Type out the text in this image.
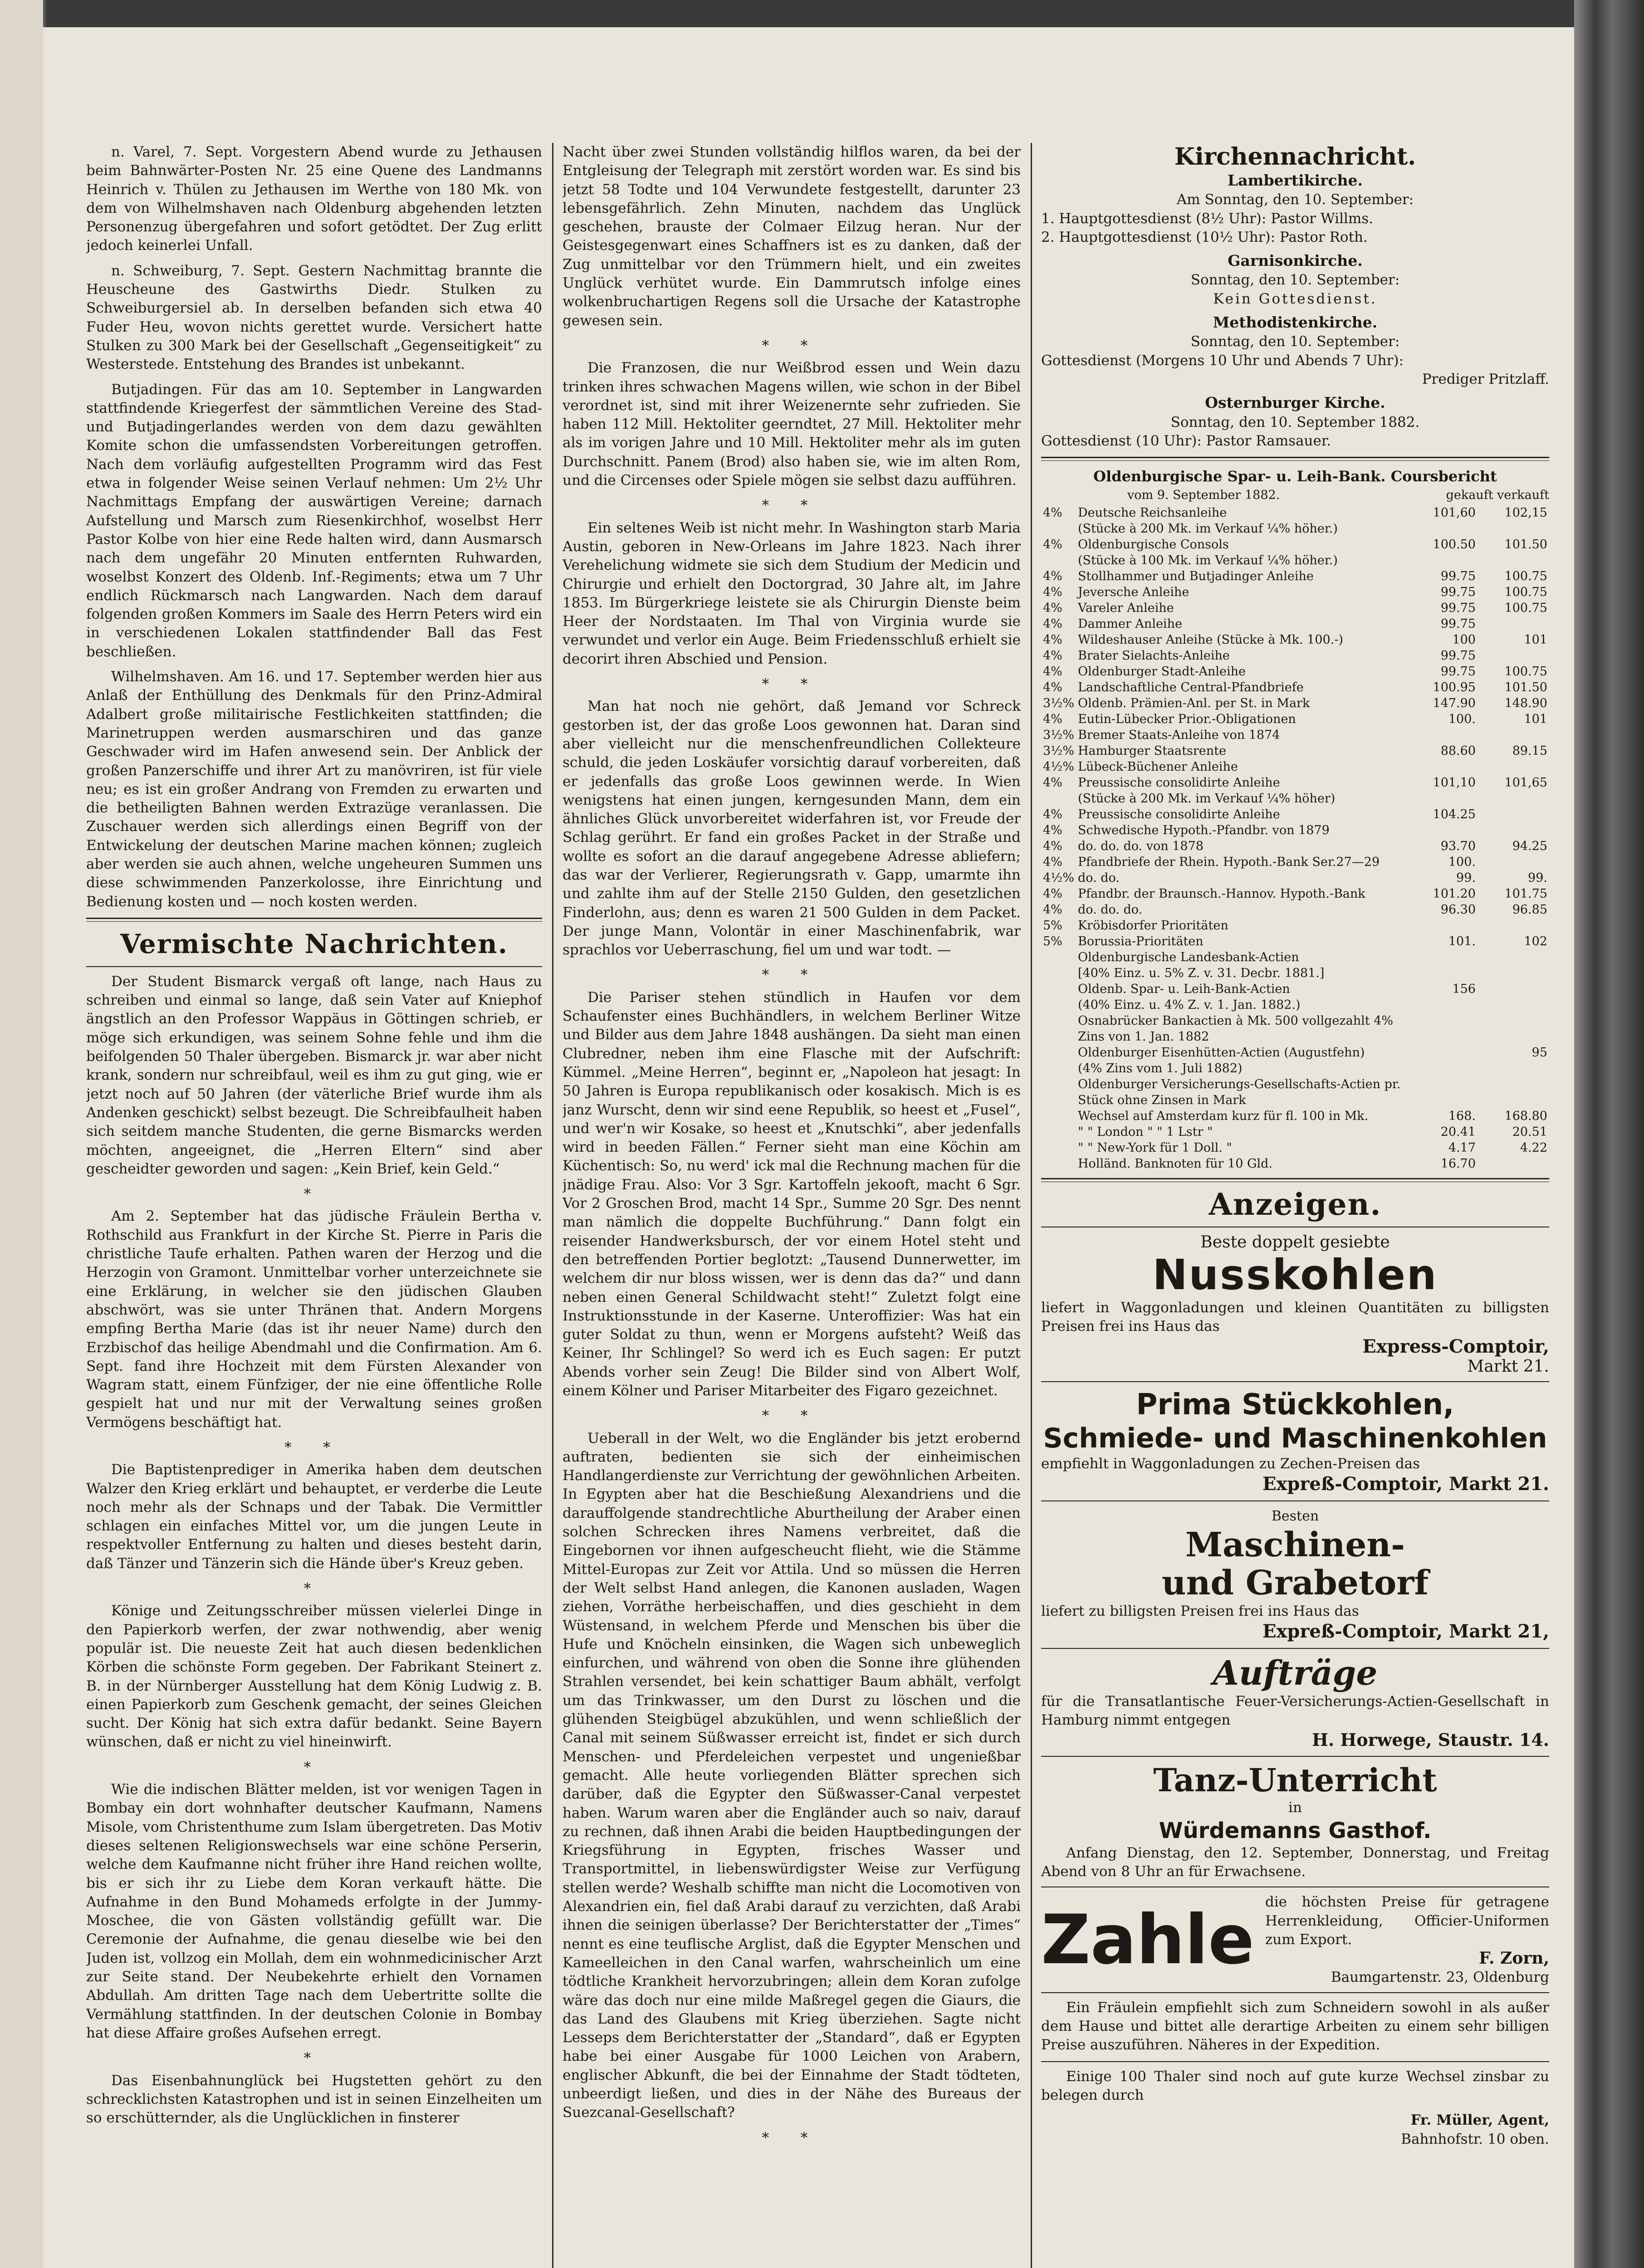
n. Varel, 7. Sept. Vorgestern Abend wurde zu Jethausen beim Bahnwärter-Posten Nr. 25 eine Quene des Landmanns Heinrich v. Thülen zu Jethausen im Werthe von 180 Mk. von dem von Wilhelmshaven nach Oldenburg abgehenden letzten Personenzug übergefahren und sofort getödtet. Der Zug erlitt jedoch keinerlei Unfall.

n. Schweiburg, 7. Sept. Gestern Nachmittag brannte die Heuscheune des Gastwirths Diedr. Stulken zu Schweiburgersiel ab. In derselben befanden sich etwa 40 Fuder Heu, wovon nichts gerettet wurde. Versichert hatte Stulken zu 300 Mark bei der Gesellschaft „Gegenseitigkeit“ zu Westerstede. Entstehung des Brandes ist unbekannt.

Butjadingen. Für das am 10. September in Langwarden stattfindende Kriegerfest der sämmtlichen Vereine des Stad- und Butjadingerlandes werden von dem dazu gewählten Komite schon die umfassendsten Vorbereitungen getroffen. Nach dem vorläufig aufgestellten Programm wird das Fest etwa in folgender Weise seinen Verlauf nehmen: Um 2½ Uhr Nachmittags Empfang der auswärtigen Vereine; darnach Aufstellung und Marsch zum Riesenkirchhof, woselbst Herr Pastor Kolbe von hier eine Rede halten wird, dann Ausmarsch nach dem ungefähr 20 Minuten entfernten Ruhwarden, woselbst Konzert des Oldenb. Inf.-Regiments; etwa um 7 Uhr endlich Rückmarsch nach Langwarden. Nach dem darauf folgenden großen Kommers im Saale des Herrn Peters wird ein in verschiedenen Lokalen stattfindender Ball das Fest beschließen.

Wilhelmshaven. Am 16. und 17. September werden hier aus Anlaß der Enthüllung des Denkmals für den Prinz-Admiral Adalbert große militairische Festlichkeiten stattfinden; die Marinetruppen werden ausmarschiren und das ganze Geschwader wird im Hafen anwesend sein. Der Anblick der großen Panzerschiffe und ihrer Art zu manövriren, ist für viele neu; es ist ein großer Andrang von Fremden zu erwarten und die betheiligten Bahnen werden Extrazüge veranlassen. Die Zuschauer werden sich allerdings einen Begriff von der Entwickelung der deutschen Marine machen können; zugleich aber werden sie auch ahnen, welche ungeheuren Summen uns diese schwimmenden Panzerkolosse, ihre Einrichtung und Bedienung kosten und — noch kosten werden.

Vermischte Nachrichten.

Der Student Bismarck vergaß oft lange, nach Haus zu schreiben und einmal so lange, daß sein Vater auf Kniephof ängstlich an den Professor Wappäus in Göttingen schrieb, er möge sich erkundigen, was seinem Sohne fehle und ihm die beifolgenden 50 Thaler übergeben. Bismarck jr. war aber nicht krank, sondern nur schreibfaul, weil es ihm zu gut ging, wie er jetzt noch auf 50 Jahren (der väterliche Brief wurde ihm als Andenken geschickt) selbst bezeugt. Die Schreibfaulheit haben sich seitdem manche Studenten, die gerne Bismarcks werden möchten, angeeignet, die „Herren Eltern“ sind aber gescheidter geworden und sagen: „Kein Brief, kein Geld.“

*

Am 2. September hat das jüdische Fräulein Bertha v. Rothschild aus Frankfurt in der Kirche St. Pierre in Paris die christliche Taufe erhalten. Pathen waren der Herzog und die Herzogin von Gramont. Unmittelbar vorher unterzeichnete sie eine Erklärung, in welcher sie den jüdischen Glauben abschwört, was sie unter Thränen that. Andern Morgens empfing Bertha Marie (das ist ihr neuer Name) durch den Erzbischof das heilige Abendmahl und die Confirmation. Am 6. Sept. fand ihre Hochzeit mit dem Fürsten Alexander von Wagram statt, einem Fünfziger, der nie eine öffentliche Rolle gespielt hat und nur mit der Verwaltung seines großen Vermögens beschäftigt hat.

* *

Die Baptistenprediger in Amerika haben dem deutschen Walzer den Krieg erklärt und behauptet, er verderbe die Leute noch mehr als der Schnaps und der Tabak. Die Vermittler schlagen ein einfaches Mittel vor, um die jungen Leute in respektvoller Entfernung zu halten und dieses besteht darin, daß Tänzer und Tänzerin sich die Hände über's Kreuz geben.

*

Könige und Zeitungsschreiber müssen vielerlei Dinge in den Papierkorb werfen, der zwar nothwendig, aber wenig populär ist. Die neueste Zeit hat auch diesen bedenklichen Körben die schönste Form gegeben. Der Fabrikant Steinert z. B. in der Nürnberger Ausstellung hat dem König Ludwig z. B. einen Papierkorb zum Geschenk gemacht, der seines Gleichen sucht. Der König hat sich extra dafür bedankt. Seine Bayern wünschen, daß er nicht zu viel hineinwirft.

*

Wie die indischen Blätter melden, ist vor wenigen Tagen in Bombay ein dort wohnhafter deutscher Kaufmann, Namens Misole, vom Christenthume zum Islam übergetreten. Das Motiv dieses seltenen Religionswechsels war eine schöne Perserin, welche dem Kaufmanne nicht früher ihre Hand reichen wollte, bis er sich ihr zu Liebe dem Koran verkauft hätte. Die Aufnahme in den Bund Mohameds erfolgte in der Jummy-Moschee, die von Gästen vollständig gefüllt war. Die Ceremonie der Aufnahme, die genau dieselbe wie bei den Juden ist, vollzog ein Mollah, dem ein wohnmedicinischer Arzt zur Seite stand. Der Neubekehrte erhielt den Vornamen Abdullah. Am dritten Tage nach dem Uebertritte sollte die Vermählung stattfinden. In der deutschen Colonie in Bombay hat diese Affaire großes Aufsehen erregt.

*

Das Eisenbahnunglück bei Hugstetten gehört zu den schrecklichsten Katastrophen und ist in seinen Einzelheiten um so erschütternder, als die Unglücklichen in finsterer

Nacht über zwei Stunden vollständig hilflos waren, da bei der Entgleisung der Telegraph mit zerstört worden war. Es sind bis jetzt 58 Todte und 104 Verwundete festgestellt, darunter 23 lebensgefährlich. Zehn Minuten, nachdem das Unglück geschehen, brauste der Colmaer Eilzug heran. Nur der Geistesgegenwart eines Schaffners ist es zu danken, daß der Zug unmittelbar vor den Trümmern hielt, und ein zweites Unglück verhütet wurde. Ein Dammrutsch infolge eines wolkenbruchartigen Regens soll die Ursache der Katastrophe gewesen sein.

* *

Die Franzosen, die nur Weißbrod essen und Wein dazu trinken ihres schwachen Magens willen, wie schon in der Bibel verordnet ist, sind mit ihrer Weizenernte sehr zufrieden. Sie haben 112 Mill. Hektoliter geerndtet, 27 Mill. Hektoliter mehr als im vorigen Jahre und 10 Mill. Hektoliter mehr als im guten Durchschnitt. Panem (Brod) also haben sie, wie im alten Rom, und die Circenses oder Spiele mögen sie selbst dazu aufführen.

* *

Ein seltenes Weib ist nicht mehr. In Washington starb Maria Austin, geboren in New-Orleans im Jahre 1823. Nach ihrer Verehelichung widmete sie sich dem Studium der Medicin und Chirurgie und erhielt den Doctorgrad, 30 Jahre alt, im Jahre 1853. Im Bürgerkriege leistete sie als Chirurgin Dienste beim Heer der Nordstaaten. Im Thal von Virginia wurde sie verwundet und verlor ein Auge. Beim Friedensschluß erhielt sie decorirt ihren Abschied und Pension.

* *

Man hat noch nie gehört, daß Jemand vor Schreck gestorben ist, der das große Loos gewonnen hat. Daran sind aber vielleicht nur die menschenfreundlichen Collekteure schuld, die jeden Loskäufer vorsichtig darauf vorbereiten, daß er jedenfalls das große Loos gewinnen werde. In Wien wenigstens hat einen jungen, kerngesunden Mann, dem ein ähnliches Glück unvorbereitet widerfahren ist, vor Freude der Schlag gerührt. Er fand ein großes Packet in der Straße und wollte es sofort an die darauf angegebene Adresse abliefern; das war der Verlierer, Regierungsrath v. Gapp, umarmte ihn und zahlte ihm auf der Stelle 2150 Gulden, den gesetzlichen Finderlohn, aus; denn es waren 21 500 Gulden in dem Packet. Der junge Mann, Volontär in einer Maschinenfabrik, war sprachlos vor Ueberraschung, fiel um und war todt. —

* *

Die Pariser stehen stündlich in Haufen vor dem Schaufenster eines Buchhändlers, in welchem Berliner Witze und Bilder aus dem Jahre 1848 aushängen. Da sieht man einen Clubredner, neben ihm eine Flasche mit der Aufschrift: Kümmel. „Meine Herren“, beginnt er, „Napoleon hat jesagt: In 50 Jahren is Europa republikanisch oder kosakisch. Mich is es janz Wurscht, denn wir sind eene Republik, so heest et „Fusel“, und wer'n wir Kosake, so heest et „Knutschki“, aber jedenfalls wird in beeden Fällen.“ Ferner sieht man eine Köchin am Küchentisch: So, nu werd' ick mal die Rechnung machen für die jnädige Frau. Also: Vor 3 Sgr. Kartoffeln jekooft, macht 6 Sgr. Vor 2 Groschen Brod, macht 14 Spr., Summe 20 Sgr. Des nennt man nämlich die doppelte Buchführung.“ Dann folgt ein reisender Handwerksbursch, der vor einem Hotel steht und den betreffenden Portier beglotzt: „Tausend Dunnerwetter, im welchem dir nur bloss wissen, wer is denn das da?“ und dann neben einen General Schildwacht steht!“ Zuletzt folgt eine Instruktionsstunde in der Kaserne. Unteroffizier: Was hat ein guter Soldat zu thun, wenn er Morgens aufsteht? Weiß das Keiner, Ihr Schlingel? So werd ich es Euch sagen: Er putzt Abends vorher sein Zeug! Die Bilder sind von Albert Wolf, einem Kölner und Pariser Mitarbeiter des Figaro gezeichnet.

* *

Ueberall in der Welt, wo die Engländer bis jetzt erobernd auftraten, bedienten sie sich der einheimischen Handlangerdienste zur Verrichtung der gewöhnlichen Arbeiten. In Egypten aber hat die Beschießung Alexandriens und die darauffolgende standrechtliche Aburtheilung der Araber einen solchen Schrecken ihres Namens verbreitet, daß die Eingebornen vor ihnen aufgescheucht flieht, wie die Stämme Mittel-Europas zur Zeit vor Attila. Und so müssen die Herren der Welt selbst Hand anlegen, die Kanonen ausladen, Wagen ziehen, Vorräthe herbeischaffen, und dies geschieht in dem Wüstensand, in welchem Pferde und Menschen bis über die Hufe und Knöcheln einsinken, die Wagen sich unbeweglich einfurchen, und während von oben die Sonne ihre glühenden Strahlen versendet, bei kein schattiger Baum abhält, verfolgt um das Trinkwasser, um den Durst zu löschen und die glühenden Steigbügel abzukühlen, und wenn schließlich der Canal mit seinem Süßwasser erreicht ist, findet er sich durch Menschen- und Pferdeleichen verpestet und ungenießbar gemacht. Alle heute vorliegenden Blätter sprechen sich darüber, daß die Egypter den Süßwasser-Canal verpestet haben. Warum waren aber die Engländer auch so naiv, darauf zu rechnen, daß ihnen Arabi die beiden Hauptbedingungen der Kriegsführung in Egypten, frisches Wasser und Transportmittel, in liebenswürdigster Weise zur Verfügung stellen werde? Weshalb schiffte man nicht die Locomotiven von Alexandrien ein, fiel daß Arabi darauf zu verzichten, daß Arabi ihnen die seinigen überlasse? Der Berichterstatter der „Times“ nennt es eine teuflische Arglist, daß die Egypter Menschen und Kameelleichen in den Canal warfen, wahrscheinlich um eine tödtliche Krankheit hervorzubringen; allein dem Koran zufolge wäre das doch nur eine milde Maßregel gegen die Giaurs, die das Land des Glaubens mit Krieg überziehen. Sagte nicht Lesseps dem Berichterstatter der „Standard“, daß er Egypten habe bei einer Ausgabe für 1000 Leichen von Arabern, englischer Abkunft, die bei der Einnahme der Stadt tödteten, unbeerdigt ließen, und dies in der Nähe des Bureaus der Suezcanal-Gesellschaft?

* *
Kirchennachricht.

Lambertikirche.

Am Sonntag, den 10. September:

1. Hauptgottesdienst (8½ Uhr): Pastor Willms.

2. Hauptgottesdienst (10½ Uhr): Pastor Roth.

Garnisonkirche.

Sonntag, den 10. September:

Kein Gottesdienst.

Methodistenkirche.

Sonntag, den 10. September:

Gottesdienst (Morgens 10 Uhr und Abends 7 Uhr):

Prediger Pritzlaff.

Osternburger Kirche.

Sonntag, den 10. September 1882.

Gottesdienst (10 Uhr): Pastor Ramsauer.

Oldenburgische Spar- u. Leih-Bank. Coursbericht

vom 9. September 1882.	gekauft verkauft
4%	Deutsche Reichsanleihe	101,60	102,15
	(Stücke à 200 Mk. im Verkauf ¼% höher.)		
4%	Oldenburgische Consols	100.50	101.50
	(Stücke à 100 Mk. im Verkauf ¼% höher.)		
4%	Stollhammer und Butjadinger Anleihe	99.75	100.75
4%	Jeversche Anleihe	99.75	100.75
4%	Vareler Anleihe	99.75	100.75
4%	Dammer Anleihe	99.75	
4%	Wildeshauser Anleihe (Stücke à Mk. 100.-)	100	101
4%	Brater Sielachts-Anleihe	99.75	
4%	Oldenburger Stadt-Anleihe	99.75	100.75
4%	Landschaftliche Central-Pfandbriefe	100.95	101.50
3½%	Oldenb. Prämien-Anl. per St. in Mark	147.90	148.90
4%	Eutin-Lübecker Prior.-Obligationen	100.	101
3½%	Bremer Staats-Anleihe von 1874		
3½%	Hamburger Staatsrente	88.60	89.15
4½%	Lübeck-Büchener Anleihe		
4%	Preussische consolidirte Anleihe	101,10	101,65
	(Stücke à 200 Mk. im Verkauf ¼% höher)		
4%	Preussische consolidirte Anleihe	104.25	
4%	Schwedische Hypoth.-Pfandbr. von 1879		
4%	do. do. do. von 1878	93.70	94.25
4%	Pfandbriefe der Rhein. Hypoth.-Bank Ser.27—29	100.	
4½%	do. do.	99.	99.
4%	Pfandbr. der Braunsch.-Hannov. Hypoth.-Bank	101.20	101.75
4%	do. do. do.	96.30	96.85
5%	Kröbisdorfer Prioritäten		
5%	Borussia-Prioritäten	101.	102
	Oldenburgische Landesbank-Actien		
	[40% Einz. u. 5% Z. v. 31. Decbr. 1881.]		
	Oldenb. Spar- u. Leih-Bank-Actien	156	
	(40% Einz. u. 4% Z. v. 1. Jan. 1882.)		
	Osnabrücker Bankactien à Mk. 500 vollgezahlt 4%		
	Zins von 1. Jan. 1882		
	Oldenburger Eisenhütten-Actien (Augustfehn)		95
	(4% Zins vom 1. Juli 1882)		
	Oldenburger Versicherungs-Gesellschafts-Actien pr.		
	Stück ohne Zinsen in Mark		
	Wechsel auf Amsterdam kurz für fl. 100 in Mk.	168.	168.80
	" " London " " 1 Lstr "	20.41	20.51
	" " New-York für 1 Doll. "	4.17	4.22
	Holländ. Banknoten für 10 Gld.	16.70	
Anzeigen.

Beste doppelt gesiebte

Nusskohlen

liefert in Waggonladungen und kleinen Quantitäten zu billigsten Preisen frei ins Haus das

Express-Comptoir,

Markt 21.

Prima Stückkohlen,

Schmiede- und Maschinenkohlen

empfiehlt in Waggonladungen zu Zechen-Preisen das

Expreß-Comptoir, Markt 21.

Besten

Maschinen-

und Grabetorf

liefert zu billigsten Preisen frei ins Haus das

Expreß-Comptoir, Markt 21,

Aufträge

für die Transatlantische Feuer-Versicherungs-Actien-Gesellschaft in Hamburg nimmt entgegen

H. Horwege, Staustr. 14.

Tanz-Unterricht

in

Würdemanns Gasthof.

Anfang Dienstag, den 12. September, Donnerstag, und Freitag Abend von 8 Uhr an für Erwachsene.

Zahle die höchsten Preise für getragene Herrenkleidung, Officier-Uniformen zum Export.

F. Zorn,

Baumgartenstr. 23, Oldenburg

Ein Fräulein empfiehlt sich zum Schneidern sowohl in als außer dem Hause und bittet alle derartige Arbeiten zu einem sehr billigen Preise auszuführen. Näheres in der Expedition.

Einige 100 Thaler sind noch auf gute kurze Wechsel zinsbar zu belegen durch

Fr. Müller, Agent,

Bahnhofstr. 10 oben.
